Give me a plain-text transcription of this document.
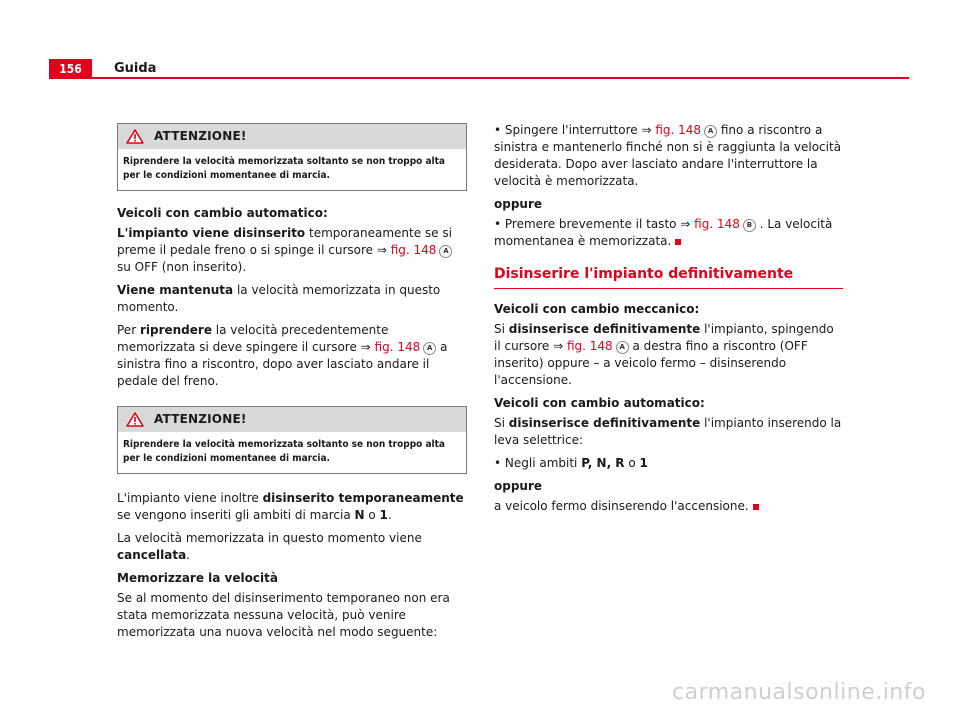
156	Guida
ATTENZIONE!
Riprendere la velocità memorizzata soltanto se non troppo alta per le condizioni momentanee di marcia.

Veicoli con cambio automatico:

L'impianto viene disinserito temporaneamente se si preme il pedale freno o si spinge il cursore ⇒ fig. 148 A su OFF (non inserito).

Viene mantenuta la velocità memorizzata in questo momento.

Per riprendere la velocità precedentemente memorizzata si deve spingere il cursore ⇒ fig. 148 A a sinistra fino a riscontro, dopo aver lasciato andare il pedale del freno.

ATTENZIONE!
Riprendere la velocità memorizzata soltanto se non troppo alta per le condizioni momentanee di marcia.

L'impianto viene inoltre disinserito temporaneamente se vengono inseriti gli ambiti di marcia N o 1.

La velocità memorizzata in questo momento viene cancellata.

Memorizzare la velocità

Se al momento del disinserimento temporaneo non era stata memorizzata nessuna velocità, può venire memorizzata una nuova velocità nel modo seguente:

• Spingere l'interruttore ⇒ fig. 148 A fino a riscontro a sinistra e mantenerlo finché non si è raggiunta la velocità desiderata. Dopo aver lasciato andare l'interruttore la velocità è memorizzata.

oppure

• Premere brevemente il tasto ⇒ fig. 148 B . La velocità momentanea è memorizzata.

Disinserire l'impianto definitivamente

Veicoli con cambio meccanico:

Si disinserisce definitivamente l'impianto, spingendo il cursore ⇒ fig. 148 A a destra fino a riscontro (OFF inserito) oppure – a veicolo fermo – disinserendo l'accensione.

Veicoli con cambio automatico:

Si disinserisce definitivamente l'impianto inserendo la leva selettrice:

• Negli ambiti P, N, R o 1

oppure

a veicolo fermo disinserendo l'accensione.

carmanualsonline.info
